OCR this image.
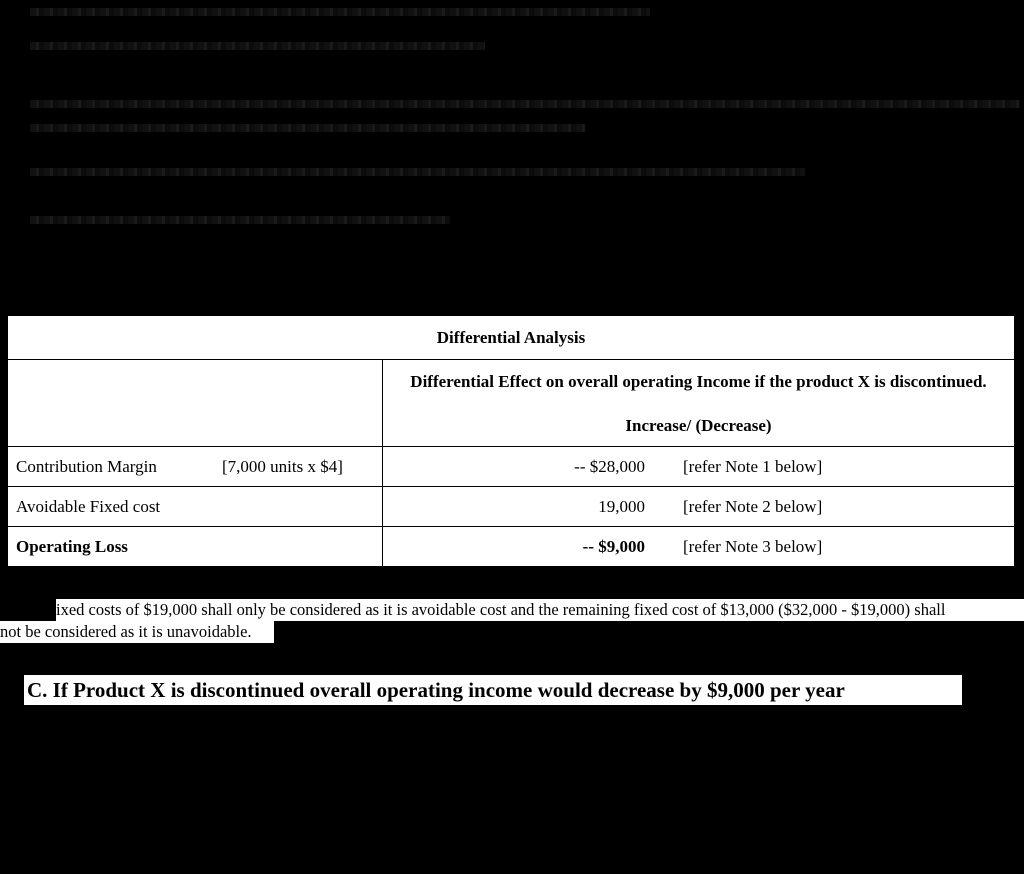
Differential Analysis	

	Differential Effect on overall operating Income if the product X is discontinued.
Increase/ (Decrease)

Contribution Margin [7,000 units x $4]	-- $28,000 [refer Note 1 below]
Avoidable Fixed cost	19,000 [refer Note 2 below]
Operating Loss	-- $9,000 [refer Note 3 below]
ixed costs of $19,000 shall only be considered as it is avoidable cost and the remaining fixed cost of $13,000 ($32,000 - $19,000) shall
not be considered as it is unavoidable.
C. If Product X is discontinued overall operating income would decrease by $9,000 per year
